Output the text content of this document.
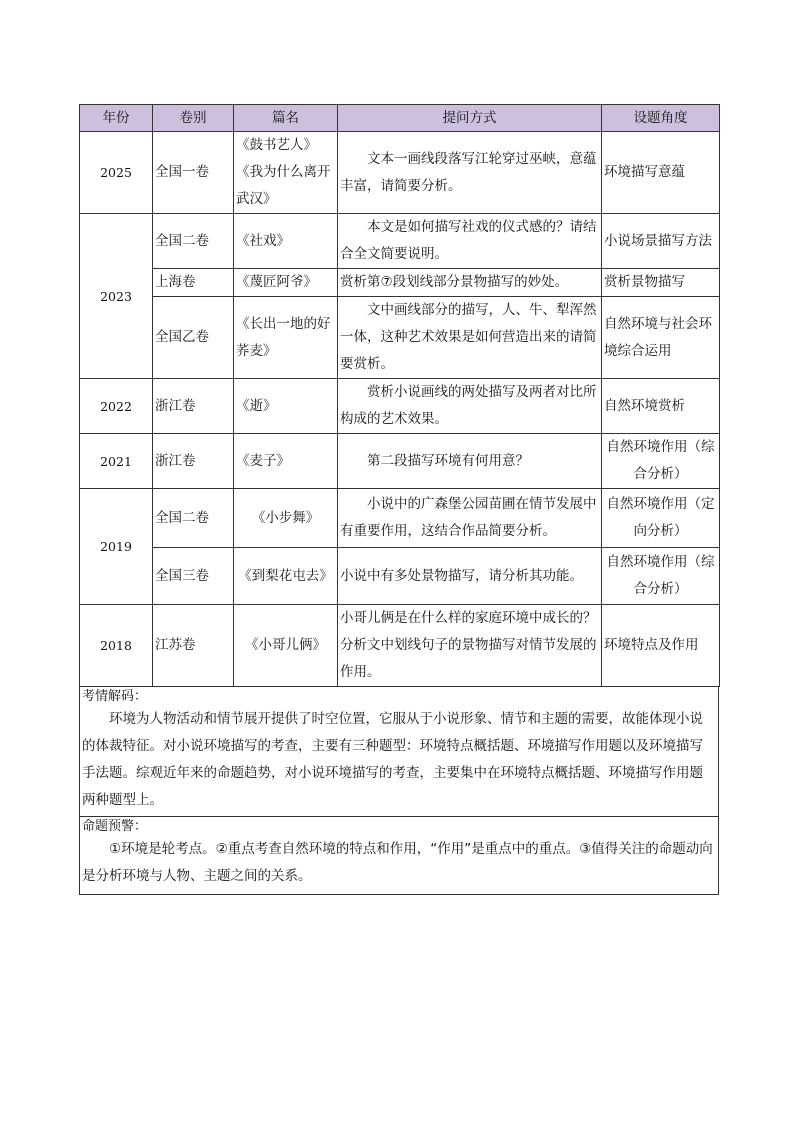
年份	卷别	篇名	提问方式	设题角度
2025	全国一卷	《鼓书艺人》《我为什么离开武汉》	文本一画线段落写江轮穿过巫峡，意蕴丰富，请简要分析。	环境描写意蕴
2023	全国二卷	《社戏》	本文是如何描写社戏的仪式感的？请结合全文简要说明。	小说场景描写方法
	上海卷	《蔑匠阿爷》	赏析第⑦段划线部分景物描写的妙处。	赏析景物描写
	全国乙卷	《长出一地的好荞麦》	文中画线部分的描写，人、牛、犁浑然一体，这种艺术效果是如何营造出来的请简要赏析。	自然环境与社会环境综合运用
2022	浙江卷	《逝》	赏析小说画线的两处描写及两者对比所构成的艺术效果。	自然环境赏析
2021	浙江卷	《麦子》	第二段描写环境有何用意？	自然环境作用（综合分析）
2019	全国二卷	《小步舞》	小说中的广森堡公园苗圃在情节发展中有重要作用，这结合作品简要分析。	自然环境作用（定向分析）
	全国三卷	《到梨花屯去》	小说中有多处景物描写，请分析其功能。	自然环境作用（综合分析）
2018	江苏卷	《小哥儿俩》	小哥儿俩是在什么样的家庭环境中成长的？分析文中划线句子的景物描写对情节发展的作用。	环境特点及作用
考情解码：
环境为人物活动和情节展开提供了时空位置，它服从于小说形象、情节和主题的需要，故能体现小说的体裁特征。对小说环境描写的考查，主要有三种题型：环境特点概括题、环境描写作用题以及环境描写手法题。综观近年来的命题趋势，对小说环境描写的考查，主要集中在环境特点概括题、环境描写作用题两种题型上。
命题预警：
①环境是轮考点。②重点考查自然环境的特点和作用，“作用”是重点中的重点。③值得关注的命题动向是分析环境与人物、主题之间的关系。
